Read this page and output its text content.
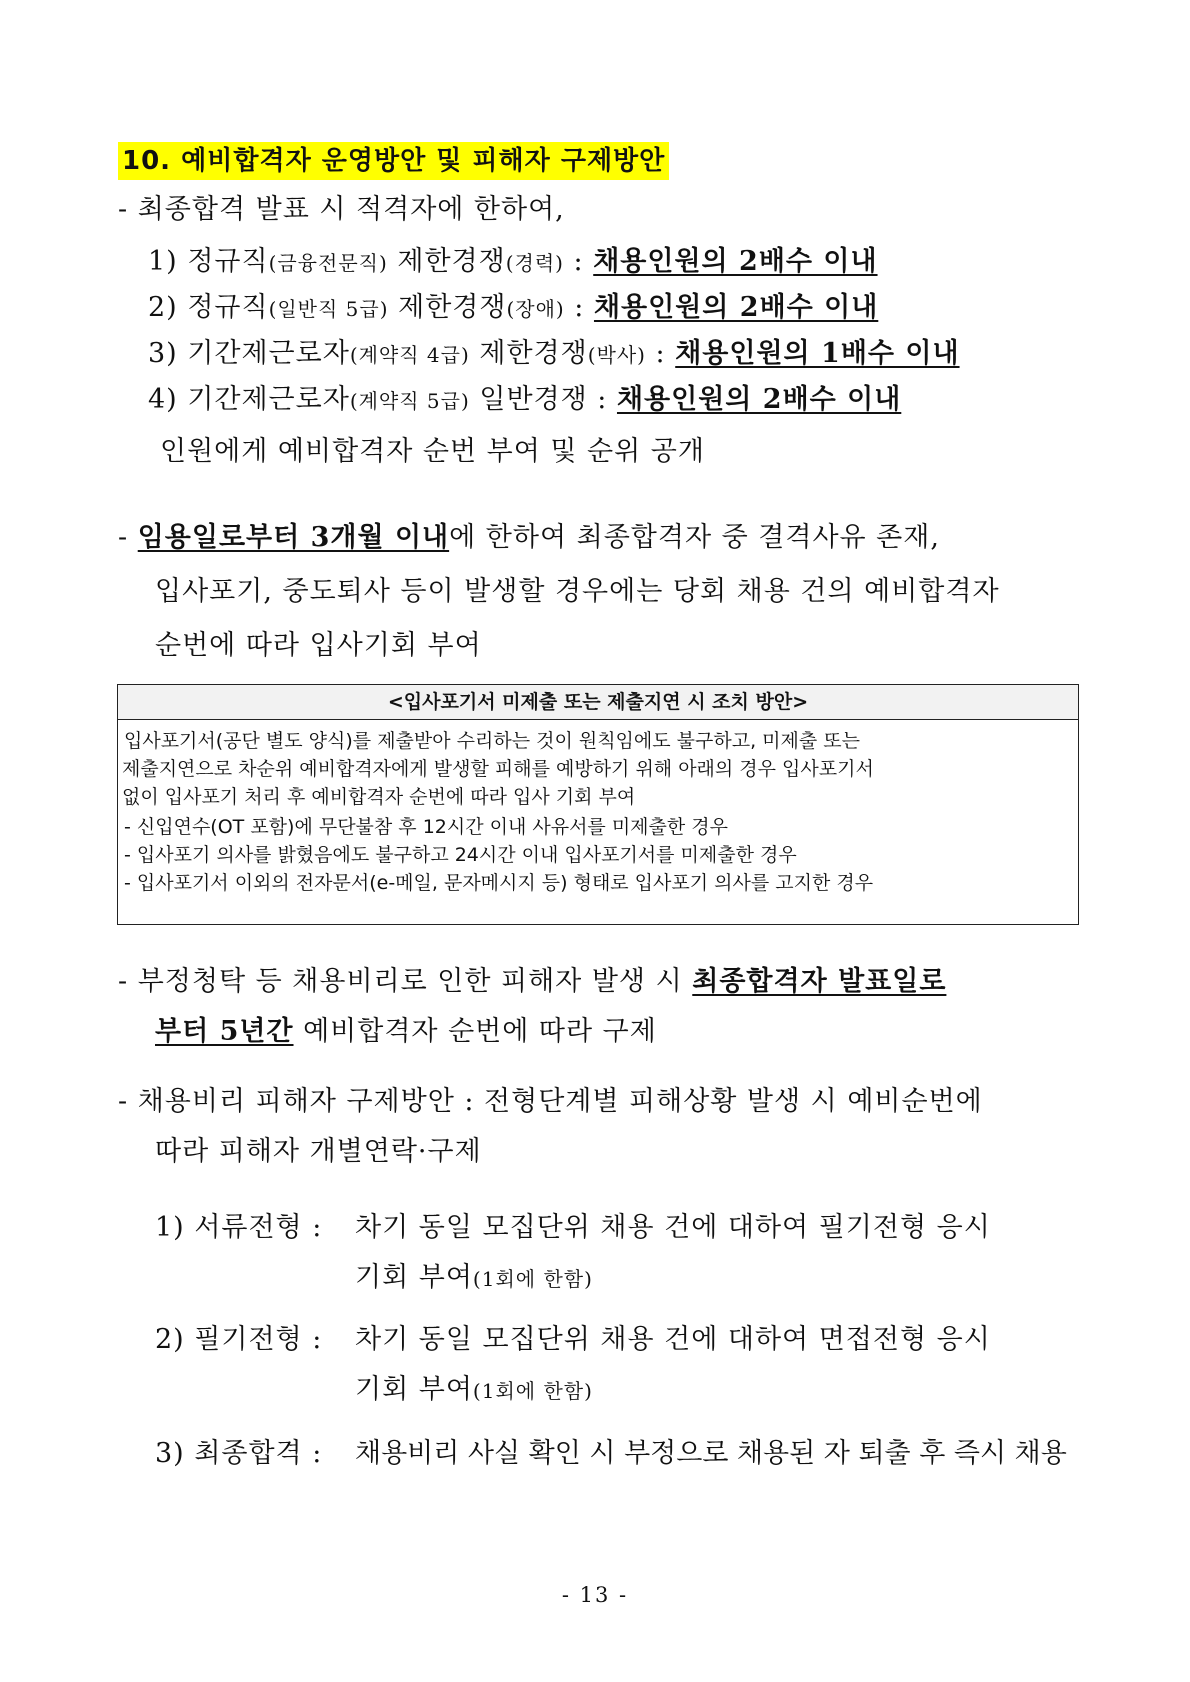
10. 예비합격자 운영방안 및 피해자 구제방안
- 최종합격 발표 시 적격자에 한하여,
1) 정규직(금융전문직) 제한경쟁(경력) : 채용인원의 2배수 이내
2) 정규직(일반직 5급) 제한경쟁(장애) : 채용인원의 2배수 이내
3) 기간제근로자(계약직 4급) 제한경쟁(박사) : 채용인원의 1배수 이내
4) 기간제근로자(계약직 5급) 일반경쟁 : 채용인원의 2배수 이내
인원에게 예비합격자 순번 부여 및 순위 공개
- 임용일로부터 3개월 이내에 한하여 최종합격자 중 결격사유 존재,
입사포기, 중도퇴사 등이 발생할 경우에는 당회 채용 건의 예비합격자
순번에 따라 입사기회 부여
<입사포기서 미제출 또는 제출지연 시 조치 방안>
입사포기서(공단 별도 양식)를 제출받아 수리하는 것이 원칙임에도 불구하고, 미제출 또는
제출지연으로 차순위 예비합격자에게 발생할 피해를 예방하기 위해 아래의 경우 입사포기서
없이 입사포기 처리 후 예비합격자 순번에 따라 입사 기회 부여
- 신입연수(OT 포함)에 무단불참 후 12시간 이내 사유서를 미제출한 경우
- 입사포기 의사를 밝혔음에도 불구하고 24시간 이내 입사포기서를 미제출한 경우
- 입사포기서 이외의 전자문서(e-메일, 문자메시지 등) 형태로 입사포기 의사를 고지한 경우
- 부정청탁 등 채용비리로 인한 피해자 발생 시 최종합격자 발표일로
부터 5년간 예비합격자 순번에 따라 구제
- 채용비리 피해자 구제방안 : 전형단계별 피해상황 발생 시 예비순번에
따라 피해자 개별연락·구제
1) 서류전형 : 차기 동일 모집단위 채용 건에 대하여 필기전형 응시
기회 부여(1회에 한함)
2) 필기전형 : 차기 동일 모집단위 채용 건에 대하여 면접전형 응시
기회 부여(1회에 한함)
3) 최종합격 : 채용비리 사실 확인 시 부정으로 채용된 자 퇴출 후 즉시 채용
- 13 -
